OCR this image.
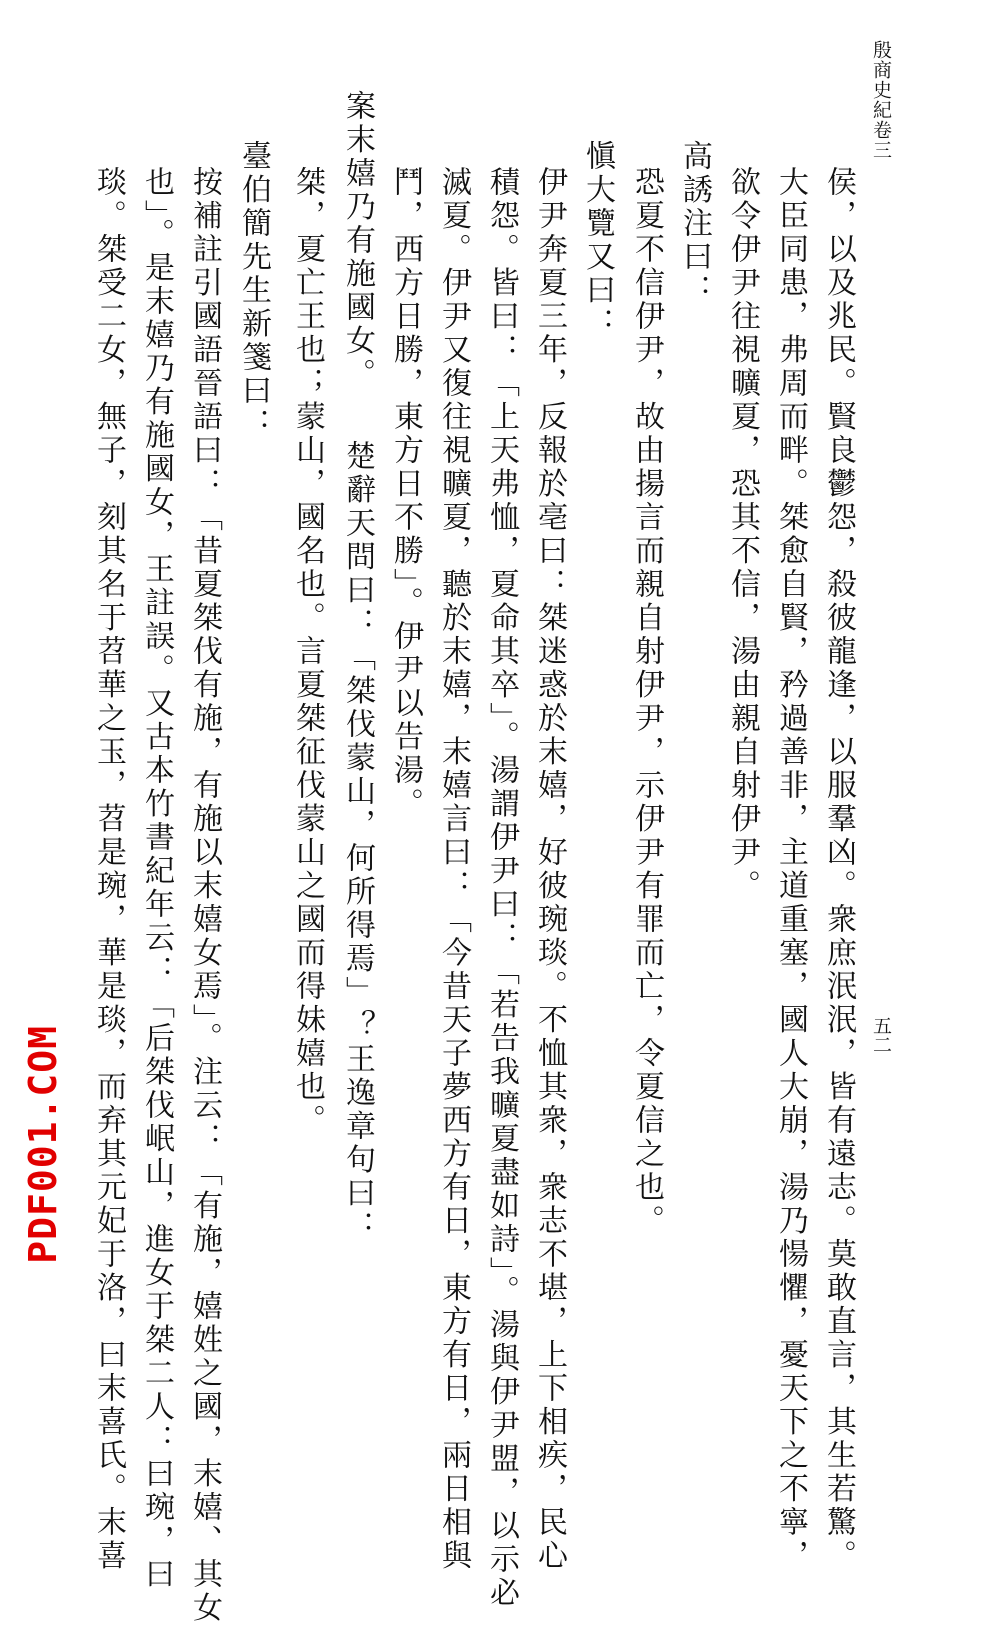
殷商史紀卷三
五二
侯，以及兆民。賢良鬱怨，殺彼龍逢，以服羣凶。衆庶泯泯，皆有遠志。莫敢直言，其生若驚。
大臣同患，弗周而畔。桀愈自賢，矜過善非，主道重塞，國人大崩，湯乃愓懼，憂天下之不寧，
欲令伊尹往視曠夏，恐其不信，湯由親自射伊尹。
高誘注曰：
恐夏不信伊尹，故由揚言而親自射伊尹，示伊尹有罪而亡，令夏信之也。
愼大覽又曰：
伊尹奔夏三年，反報於亳曰：桀迷惑於末嬉，好彼琬琰。不恤其衆，衆志不堪，上下相疾，民心
積怨。皆曰：「上天弗恤，夏命其卒」。湯謂伊尹曰：「若告我曠夏盡如詩」。湯與伊尹盟，以示必
滅夏。伊尹又復往視曠夏，聽於末嬉，末嬉言曰：「今昔天子夢西方有日，東方有日，兩日相與
鬥，西方日勝，東方日不勝」。伊尹以告湯。
案末嬉乃有施國女。
楚辭天問曰：「桀伐蒙山，何所得焉」？王逸章句曰：
桀，夏亡王也；蒙山，國名也。言夏桀征伐蒙山之國而得妹嬉也。
臺伯簡先生新箋曰：
按補註引國語晉語曰：「昔夏桀伐有施，有施以末嬉女焉」。注云：「有施，嬉姓之國，末嬉、其女
也」。是末嬉乃有施國女，王註誤。又古本竹書紀年云：「后桀伐岷山，進女于桀二人：曰琬，曰
琰。桀受二女，無子，刻其名于苕華之玉，苕是琬，華是琰，而弃其元妃于洛，曰末喜氏。末喜
PDF001.COM
